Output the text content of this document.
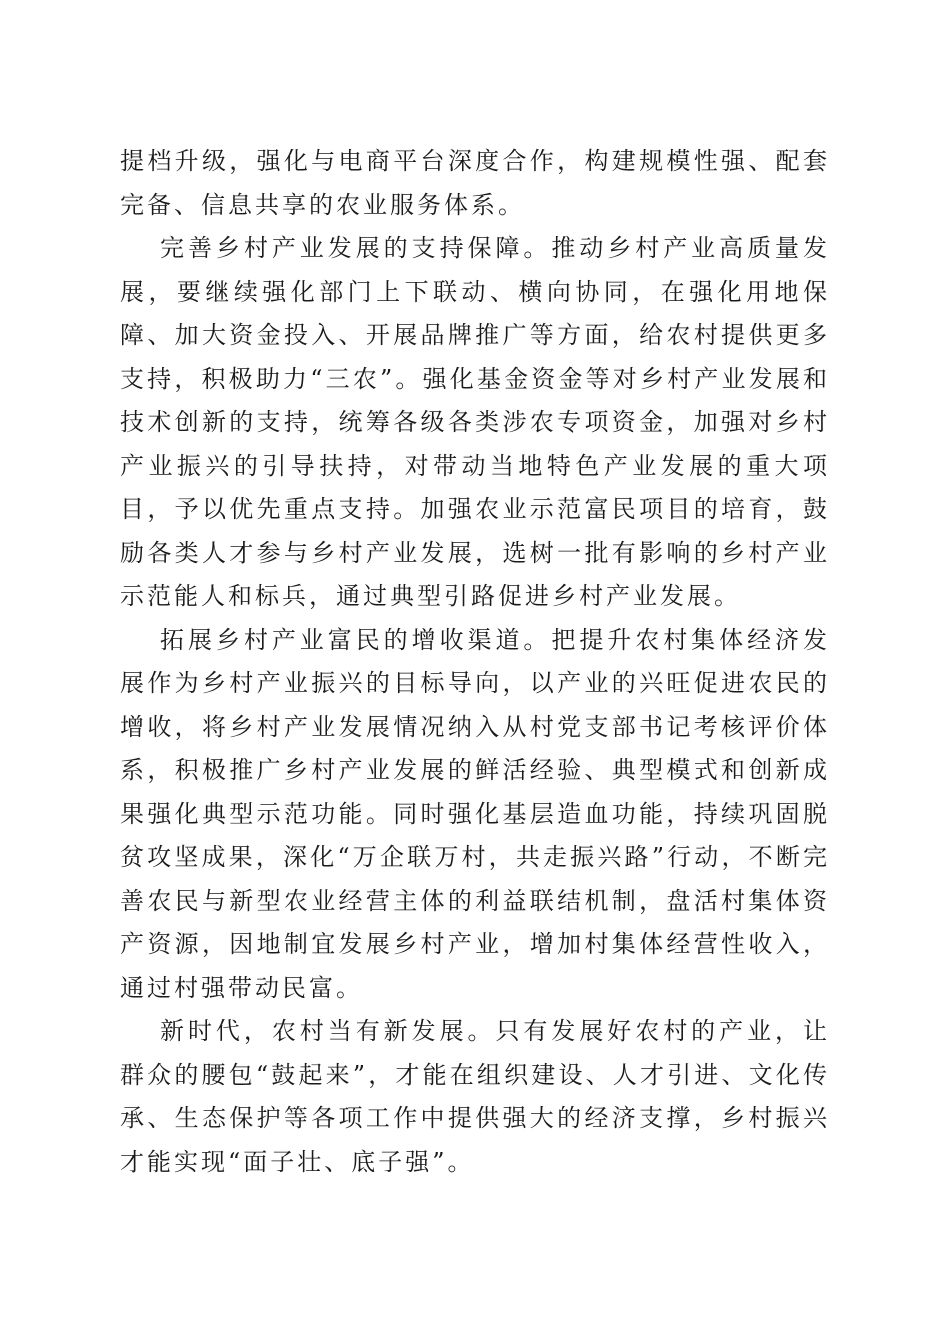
提档升级，强化与电商平台深度合作，构建规模性强、配套完备、信息共享的农业服务体系。

完善乡村产业发展的支持保障。推动乡村产业高质量发展，要继续强化部门上下联动、横向协同，在强化用地保障、加大资金投入、开展品牌推广等方面，给农村提供更多支持，积极助力“三农”。强化基金资金等对乡村产业发展和技术创新的支持，统筹各级各类涉农专项资金，加强对乡村产业振兴的引导扶持，对带动当地特色产业发展的重大项目，予以优先重点支持。加强农业示范富民项目的培育，鼓励各类人才参与乡村产业发展，选树一批有影响的乡村产业示范能人和标兵，通过典型引路促进乡村产业发展。

拓展乡村产业富民的增收渠道。把提升农村集体经济发展作为乡村产业振兴的目标导向，以产业的兴旺促进农民的增收，将乡村产业发展情况纳入从村党支部书记考核评价体系，积极推广乡村产业发展的鲜活经验、典型模式和创新成果强化典型示范功能。同时强化基层造血功能，持续巩固脱贫攻坚成果，深化“万企联万村，共走振兴路”行动，不断完善农民与新型农业经营主体的利益联结机制，盘活村集体资产资源，因地制宜发展乡村产业，增加村集体经营性收入，通过村强带动民富。

新时代，农村当有新发展。只有发展好农村的产业，让群众的腰包“鼓起来”，才能在组织建设、人才引进、文化传承、生态保护等各项工作中提供强大的经济支撑，乡村振兴才能实现“面子壮、底子强”。
